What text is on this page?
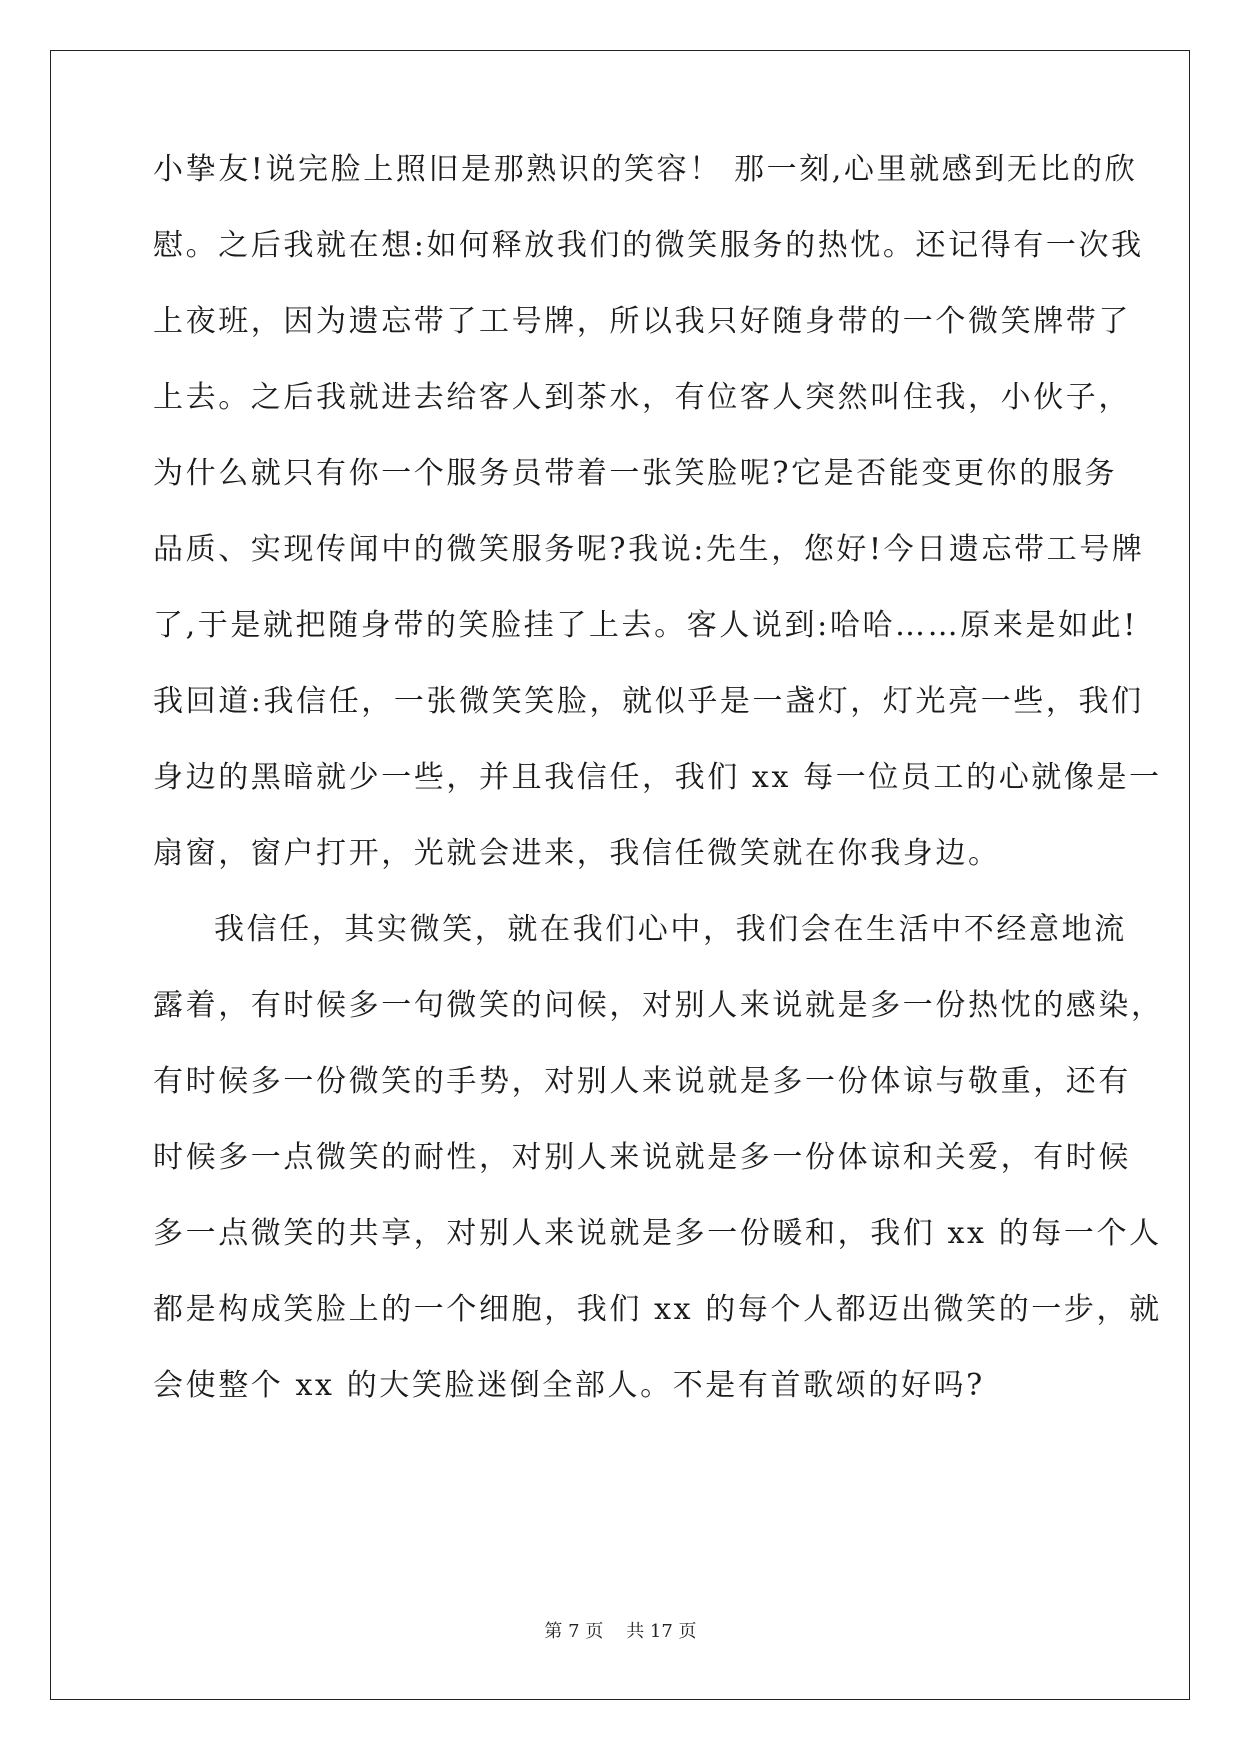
小挚友!说完脸上照旧是那熟识的笑容！ 那一刻,心里就感到无比的欣
慰。之后我就在想:如何释放我们的微笑服务的热忱。还记得有一次我
上夜班，因为遗忘带了工号牌，所以我只好随身带的一个微笑牌带了
上去。之后我就进去给客人到茶水，有位客人突然叫住我，小伙子，
为什么就只有你一个服务员带着一张笑脸呢?它是否能变更你的服务
品质、实现传闻中的微笑服务呢?我说:先生，您好!今日遗忘带工号牌
了,于是就把随身带的笑脸挂了上去。客人说到:哈哈……原来是如此!
我回道:我信任，一张微笑笑脸，就似乎是一盏灯，灯光亮一些，我们
身边的黑暗就少一些，并且我信任，我们 xx 每一位员工的心就像是一
扇窗，窗户打开，光就会进来，我信任微笑就在你我身边。
我信任，其实微笑，就在我们心中，我们会在生活中不经意地流
露着，有时候多一句微笑的问候，对别人来说就是多一份热忱的感染，
有时候多一份微笑的手势，对别人来说就是多一份体谅与敬重，还有
时候多一点微笑的耐性，对别人来说就是多一份体谅和关爱，有时候
多一点微笑的共享，对别人来说就是多一份暖和，我们 xx 的每一个人
都是构成笑脸上的一个细胞，我们 xx 的每个人都迈出微笑的一步，就
会使整个 xx 的大笑脸迷倒全部人。不是有首歌颂的好吗?
第 7 页    共 17 页
